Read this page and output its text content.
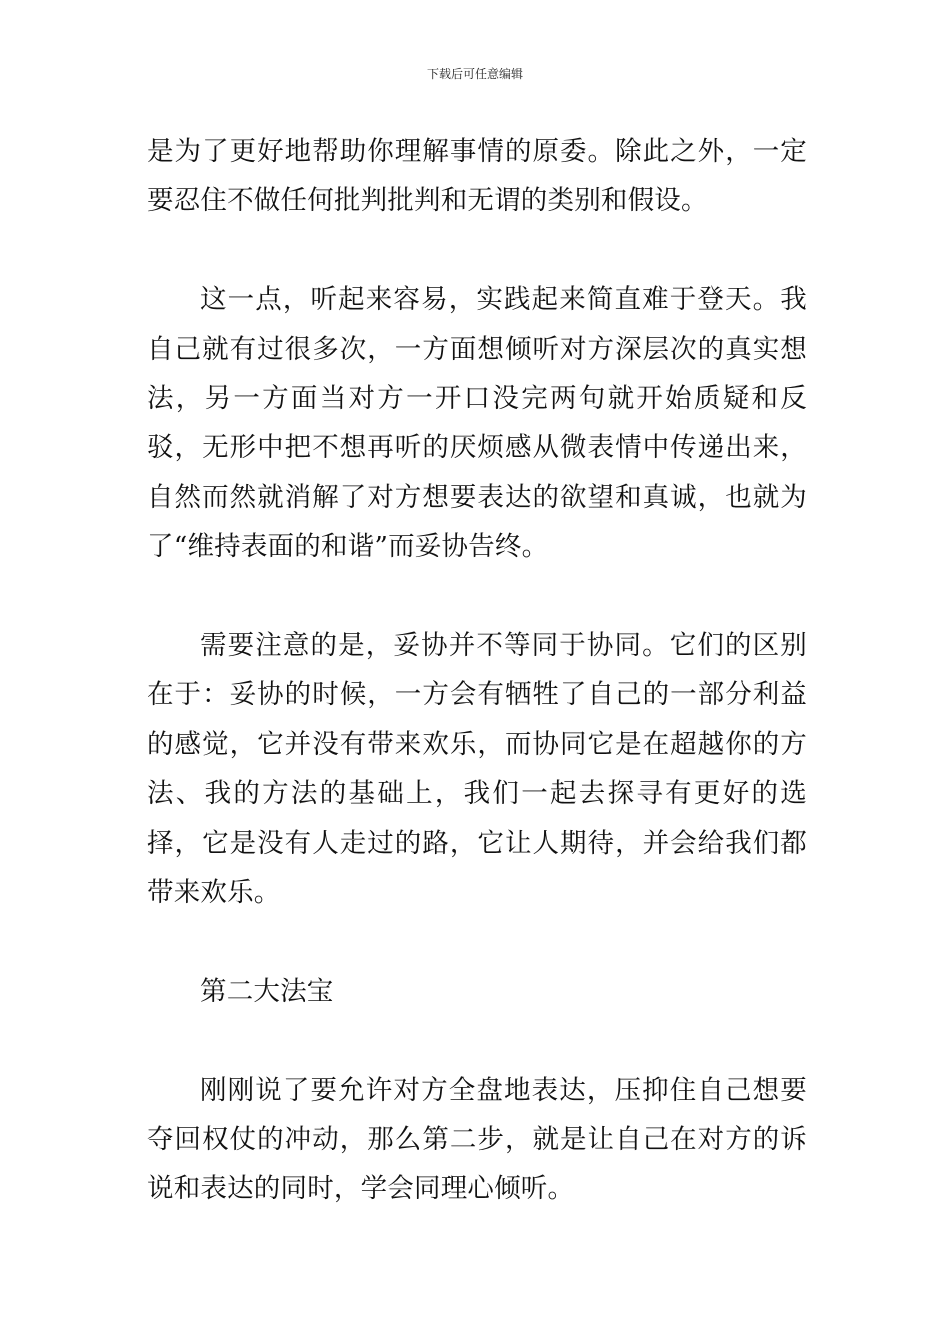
下载后可任意编辑

是为了更好地帮助你理解事情的原委。除此之外，一定要忍住不做任何批判批判和无谓的类别和假设。

这一点，听起来容易，实践起来简直难于登天。我自己就有过很多次，一方面想倾听对方深层次的真实想法，另一方面当对方一开口没完两句就开始质疑和反驳，无形中把不想再听的厌烦感从微表情中传递出来，自然而然就消解了对方想要表达的欲望和真诚，也就为了“维持表面的和谐”而妥协告终。

需要注意的是，妥协并不等同于协同。它们的区别在于：妥协的时候，一方会有牺牲了自己的一部分利益的感觉，它并没有带来欢乐，而协同它是在超越你的方法、我的方法的基础上，我们一起去探寻有更好的选择，它是没有人走过的路，它让人期待，并会给我们都带来欢乐。

第二大法宝

刚刚说了要允许对方全盘地表达，压抑住自己想要夺回权仗的冲动，那么第二步，就是让自己在对方的诉说和表达的同时，学会同理心倾听。
